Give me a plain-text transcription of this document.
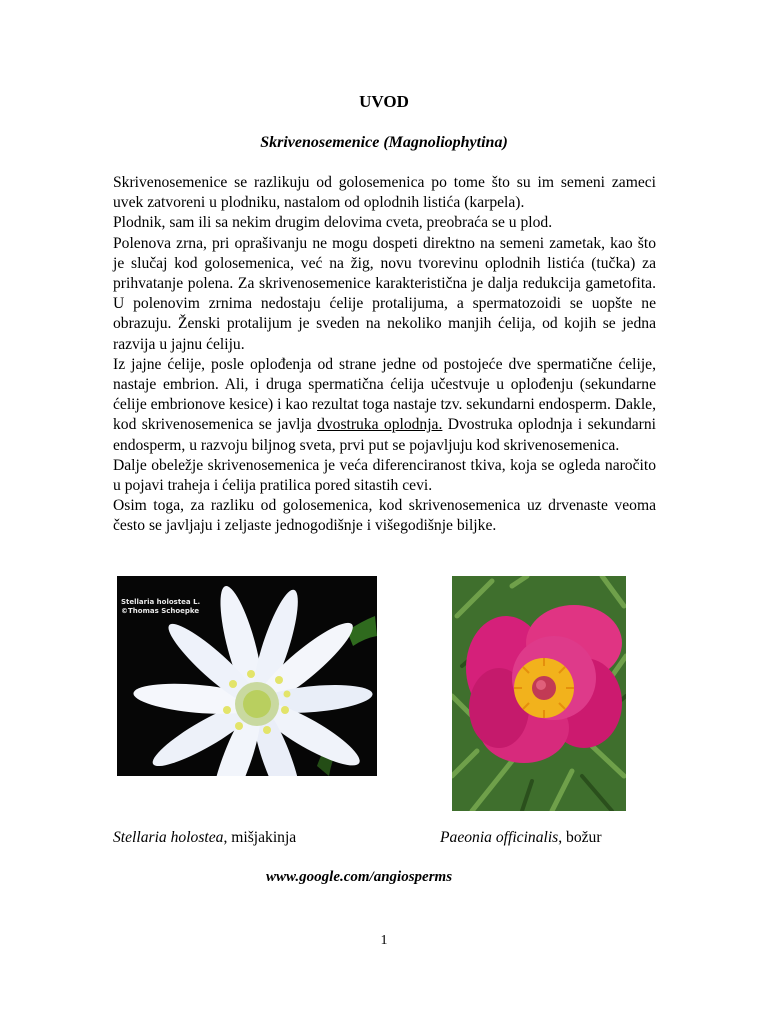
UVOD
Skrivenosemenice (Magnoliophytina)

Skrivenosemenice se razlikuju od golosemenica po tome što su im semeni zameci uvek zatvoreni u plodniku, nastalom od oplodnih listića (karpela).

Plodnik, sam ili sa nekim drugim delovima cveta, preobraća se u plod.

Polenova zrna, pri oprašivanju ne mogu dospeti direktno na semeni zametak, kao što je slučaj kod golosemenica, već na žig, novu tvorevinu oplodnih listića (tučka) za prihvatanje polena. Za skrivenosemenice karakteristična je dalja redukcija gametofita. U polenovim zrnima nedostaju ćelije protalijuma, a spermatozoidi se uopšte ne obrazuju. Ženski protalijum je sveden na nekoliko manjih ćelija, od kojih se jedna razvija u jajnu ćeliju.

Iz jajne ćelije, posle oplođenja od strane jedne od postojeće dve spermatične ćelije, nastaje embrion. Ali, i druga spermatična ćelija učestvuje u oplođenju (sekundarne ćelije embrionove kesice) i kao rezultat toga nastaje tzv. sekundarni endosperm. Dakle, kod skrivenosemenica se javlja dvostruka oplodnja. Dvostruka oplodnja i sekundarni endosperm, u razvoju biljnog sveta, prvi put se pojavljuju kod skrivenosemenica.

Dalje obeležje skrivenosemenica je veća diferenciranost tkiva, koja se ogleda naročito u pojavi traheja i ćelija pratilica pored sitastih cevi.

Osim toga, za razliku od golosemenica, kod skrivenosemenica uz drvenaste veoma često se javljaju i zeljaste jednogodišnje i višegodišnje biljke.

Stellaria holostea L.
©Thomas Schoepke
Stellaria holostea, mišjakinja	Paeonia officinalis, božur
www.google.com/angiosperms
1
